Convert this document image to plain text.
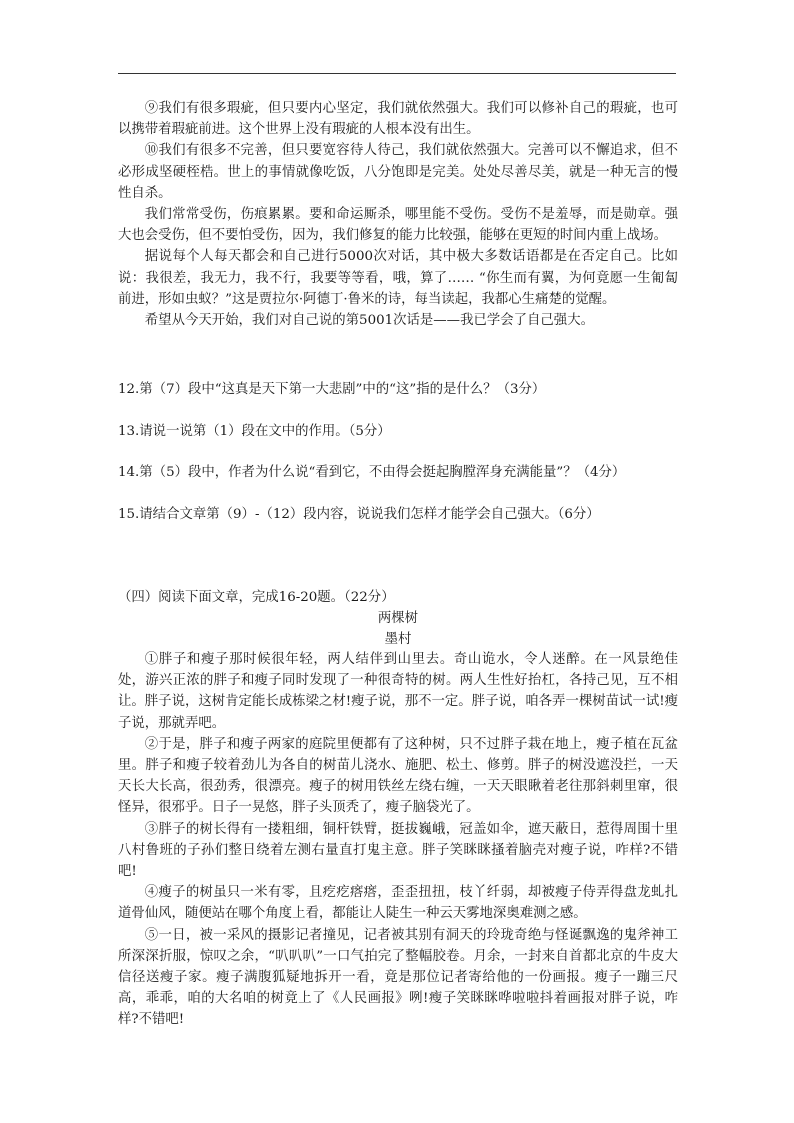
⑨我们有很多瑕疵，但只要内心坚定，我们就依然强大。我们可以修补自己的瑕疵，也可以携带着瑕疵前进。这个世界上没有瑕疵的人根本没有出生。

⑩我们有很多不完善，但只要宽容待人待己，我们就依然强大。完善可以不懈追求，但不必形成坚硬桎梏。世上的事情就像吃饭，八分饱即是完美。处处尽善尽美，就是一种无言的慢性自杀。

我们常常受伤，伤痕累累。要和命运厮杀，哪里能不受伤。受伤不是羞辱，而是勋章。强大也会受伤，但不要怕受伤，因为，我们修复的能力比较强，能够在更短的时间内重上战场。

据说每个人每天都会和自己进行5000次对话，其中极大多数话语都是在否定自己。比如说：我很差，我无力，我不行，我要等等看，哦，算了…… “你生而有翼，为何竟愿一生匍匐前进，形如虫蚁？”这是贾拉尔·阿德丁·鲁米的诗，每当读起，我都心生痛楚的觉醒。

希望从今天开始，我们对自己说的第5001次话是——我已学会了自己强大。

12.第（7）段中“这真是天下第一大悲剧”中的“这”指的是什么？（3分）

13.请说一说第（1）段在文中的作用。（5分）

14.第（5）段中，作者为什么说“看到它，不由得会挺起胸膛浑身充满能量”？（4分）

15.请结合文章第（9）-（12）段内容，说说我们怎样才能学会自己强大。（6分）

（四）阅读下面文章，完成16-20题。（22分）

两棵树

墨村

①胖子和瘦子那时候很年轻，两人结伴到山里去。奇山诡水，令人迷醉。在一风景绝佳处，游兴正浓的胖子和瘦子同时发现了一种很奇特的树。两人生性好抬杠，各持己见，互不相让。胖子说，这树肯定能长成栋梁之材!瘦子说，那不一定。胖子说，咱各弄一棵树苗试一试!瘦子说，那就弄吧。

②于是，胖子和瘦子两家的庭院里便都有了这种树，只不过胖子栽在地上，瘦子植在瓦盆里。胖子和瘦子较着劲儿为各自的树苗儿浇水、施肥、松土、修剪。胖子的树没遮没拦，一天天长大长高，很劲秀，很漂亮。瘦子的树用铁丝左绕右缠，一天天眼瞅着老往那斜刺里窜，很怪异，很邪乎。日子一晃悠，胖子头顶秃了，瘦子脑袋光了。

③胖子的树长得有一搂粗细，铜杆铁臂，挺拔巍峨，冠盖如伞，遮天蔽日，惹得周围十里八村鲁班的子孙们整日绕着左测右量直打鬼主意。胖子笑眯眯搔着脑壳对瘦子说，咋样?不错吧!

④瘦子的树虽只一米有零，且疙疙瘩瘩，歪歪扭扭，枝丫纤弱，却被瘦子侍弄得盘龙虬扎道骨仙风，随便站在哪个角度上看，都能让人陡生一种云天雾地深奥难测之感。

⑤一日，被一采风的摄影记者撞见，记者被其别有洞天的玲珑奇绝与怪诞飘逸的鬼斧神工所深深折服，惊叹之余，“叭叭叭”一口气拍完了整幅胶卷。月余，一封来自首都北京的牛皮大信径送瘦子家。瘦子满腹狐疑地拆开一看，竟是那位记者寄给他的一份画报。瘦子一蹦三尺高，乖乖，咱的大名咱的树竟上了《人民画报》咧!瘦子笑眯眯哗啦啦抖着画报对胖子说，咋样?不错吧!
